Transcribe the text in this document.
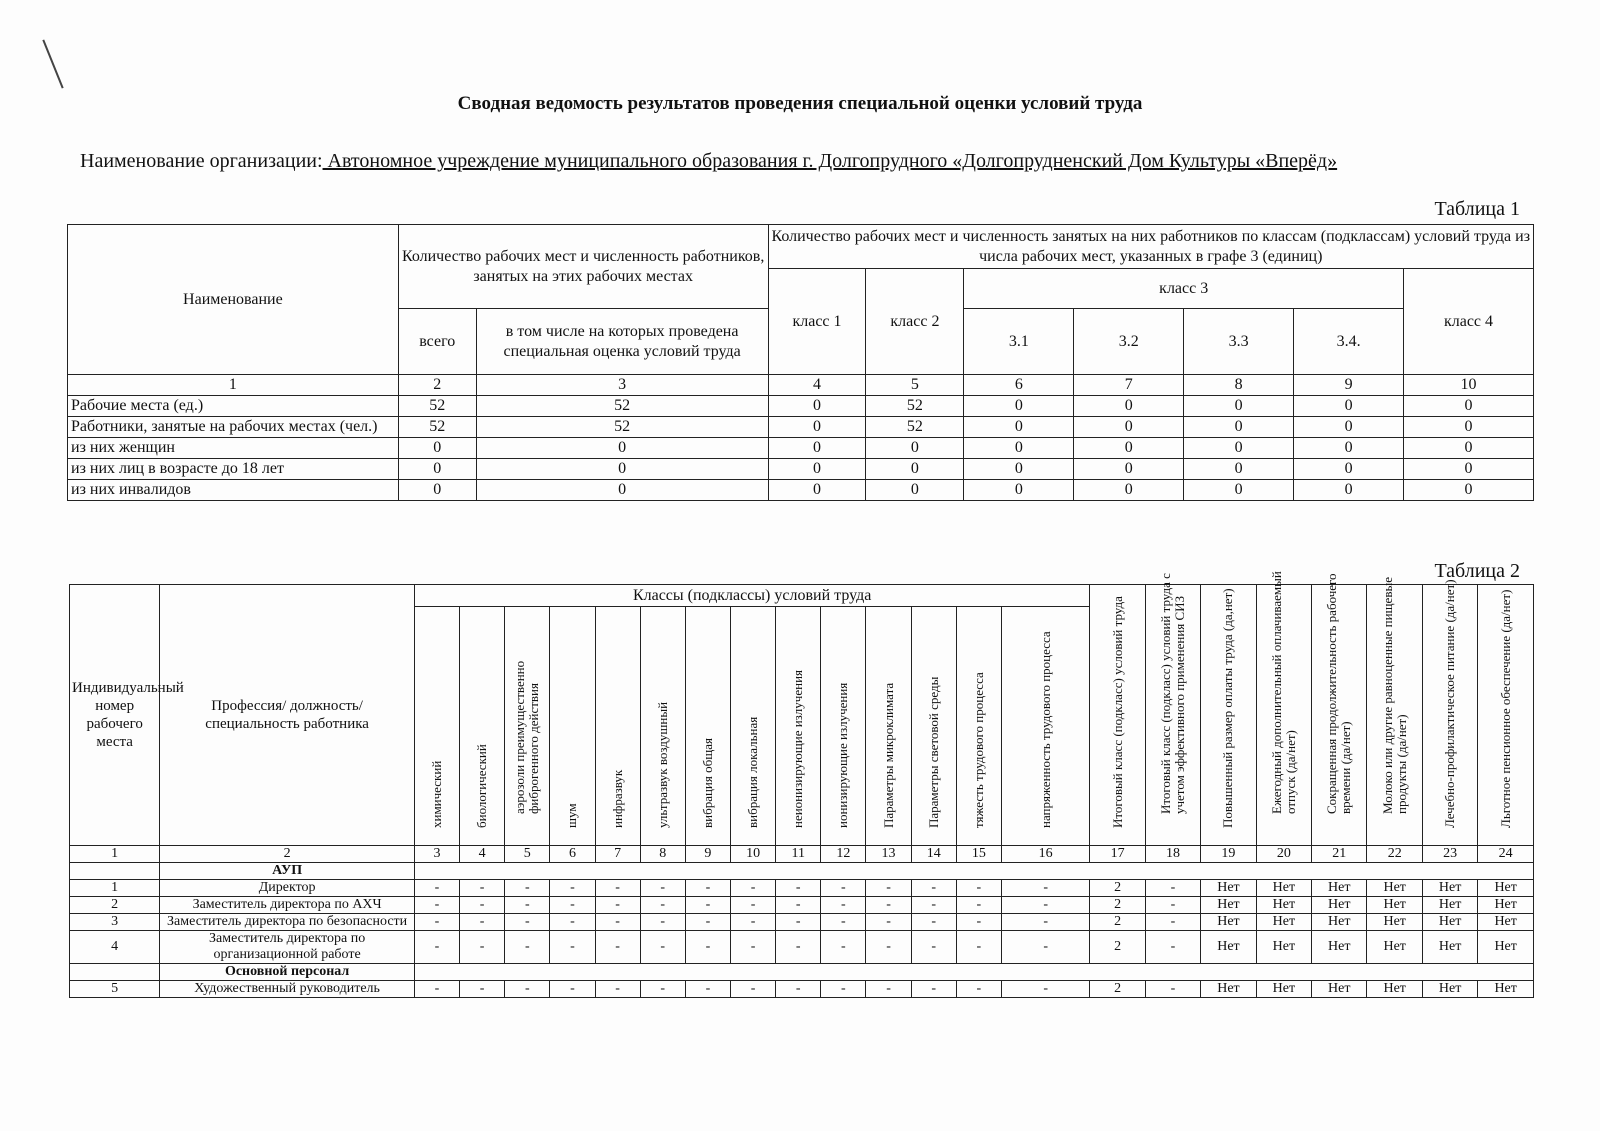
Сводная ведомость результатов проведения специальной оценки условий труда
Наименование организации: Автономное учреждение муниципального образования г. Долгопрудного «Долгопрудненский Дом Культуры «Вперёд»
Таблица 1
Наименование	Количество рабочих мест и численность работников, занятых на этих рабочих местах		Количество рабочих мест и численность занятых на них работников по классам (подклассам) условий труда из числа рабочих мест, указанных в графе 3 (единиц)						
			класс 1	класс 2	класс 3				класс 4
	всего	в том числе на которых проведена специальная оценка условий труда			3.1	3.2	3.3	3.4.	
1	2	3	4	5	6	7	8	9	10
Рабочие места (ед.)	52	52	0	52	0	0	0	0	0
Работники, занятые на рабочих местах (чел.)	52	52	0	52	0	0	0	0	0
из них женщин	0	0	0	0	0	0	0	0	0
из них лиц в возрасте до 18 лет	0	0	0	0	0	0	0	0	0
из них инвалидов	0	0	0	0	0	0	0	0	0
Таблица 2
Индивидуальный номер рабочего места	Профессия/ должность/ специальность работника	Классы (подклассы) условий труда														Итоговый класс (подкласс) условий труда	Итоговый класс (подкласс) условий труда с учетом эффективного применения СИЗ	Повышенный размер оплаты труда (да,нет)	Ежегодный дополнительный оплачиваемый отпуск (да/нет)	Сокращенная продолжительность рабочего времени (да/нет)	Молоко или другие равноценные пищевые продукты (да/нет)	Лечебно-профилактическое питание (да/нет)	Льготное пенсионное обеспечение (да/нет)

		химический	биологический	аэрозоли преимущественно фиброгенного действия	шум	инфразвук	ультразвук воздушный	вибрация общая	вибрация локальная	неионизирующие излучения	ионизирующие излучения	Параметры микроклимата	Параметры световой среды	тяжесть трудового процесса	напряженность трудового процесса								

1	2	3	4	5	6	7	8	9	10	11	12	13	14	15	16	17	18	19	20	21	22	23	24
	АУП																						
1	Директор	-	-	-	-	-	-	-	-	-	-	-	-	-	-	2	-	Нет	Нет	Нет	Нет	Нет	Нет
2	Заместитель директора по АХЧ	-	-	-	-	-	-	-	-	-	-	-	-	-	-	2	-	Нет	Нет	Нет	Нет	Нет	Нет
3	Заместитель директора по безопасности	-	-	-	-	-	-	-	-	-	-	-	-	-	-	2	-	Нет	Нет	Нет	Нет	Нет	Нет
4	Заместитель директора по организационной работе	-	-	-	-	-	-	-	-	-	-	-	-	-	-	2	-	Нет	Нет	Нет	Нет	Нет	Нет
	Основной персонал																						
5	Художественный руководитель	-	-	-	-	-	-	-	-	-	-	-	-	-	-	2	-	Нет	Нет	Нет	Нет	Нет	Нет
